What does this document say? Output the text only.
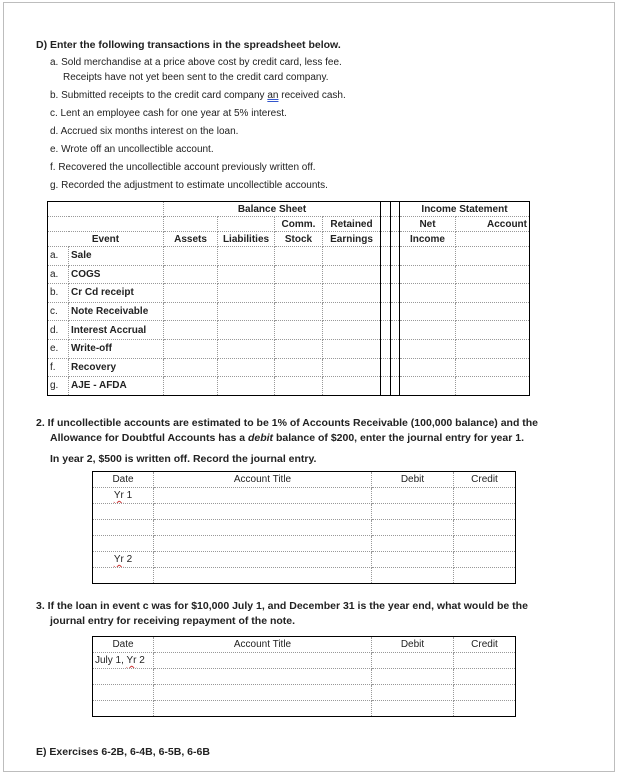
D) Enter the following transactions in the spreadsheet below.
a. Sold merchandise at a price above cost by credit card, less fee.
Receipts have not yet been sent to the credit card company.
b. Submitted receipts to the credit card company an received cash.
c. Lent an employee cash for one year at 5% interest.
d. Accrued six months interest on the loan.
e. Wrote off an uncollectible account.
f. Recovered the uncollectible account previously written off.
g. Recorded the adjustment to estimate uncollectible accounts.
		Balance Sheet						Income Statement	
				Comm.	Retained			Net	Account
Event		Assets	Liabilities	Stock	Earnings			Income	
a.	Sale								
a.	COGS								
b.	Cr Cd receipt								
c.	Note Receivable								
d.	Interest Accrual								
e.	Write-off								
f.	Recovery								
g.	AJE - AFDA								
2. If uncollectible accounts are estimated to be 1% of Accounts Receivable (100,000 balance) and the
Allowance for Doubtful Accounts has a debit balance of $200, enter the journal entry for year 1.
In year 2, $500 is written off. Record the journal entry.
Date	Account Title	Debit	Credit
Yr 1			

Yr 2			

3. If the loan in event c was for $10,000 July 1, and December 31 is the year end, what would be the
journal entry for receiving repayment of the note.
Date	Account Title	Debit	Credit
July 1, Yr 2			

E) Exercises 6-2B, 6-4B, 6-5B, 6-6B
